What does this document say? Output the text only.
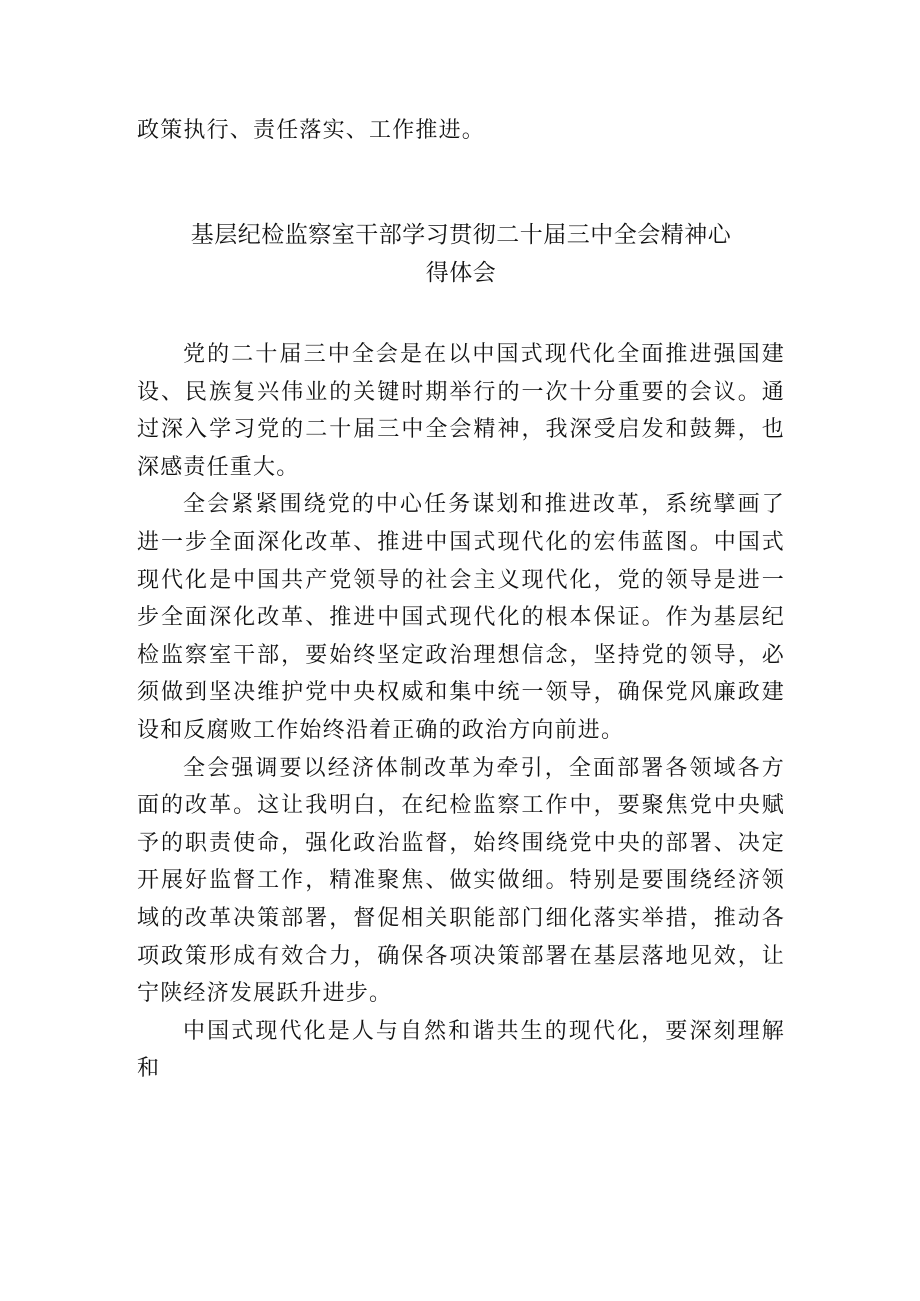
政策执行、责任落实、工作推进。
基层纪检监察室干部学习贯彻二十届三中全会精神心
得体会

党的二十届三中全会是在以中国式现代化全面推进强国建设、民族复兴伟业的关键时期举行的一次十分重要的会议。通过深入学习党的二十届三中全会精神，我深受启发和鼓舞，也深感责任重大。

全会紧紧围绕党的中心任务谋划和推进改革，系统擘画了进一步全面深化改革、推进中国式现代化的宏伟蓝图。中国式现代化是中国共产党领导的社会主义现代化，党的领导是进一步全面深化改革、推进中国式现代化的根本保证。作为基层纪检监察室干部，要始终坚定政治理想信念，坚持党的领导，必须做到坚决维护党中央权威和集中统一领导，确保党风廉政建设和反腐败工作始终沿着正确的政治方向前进。

全会强调要以经济体制改革为牵引，全面部署各领域各方面的改革。这让我明白，在纪检监察工作中，要聚焦党中央赋予的职责使命，强化政治监督，始终围绕党中央的部署、决定开展好监督工作，精准聚焦、做实做细。特别是要围绕经济领域的改革决策部署，督促相关职能部门细化落实举措，推动各项政策形成有效合力，确保各项决策部署在基层落地见效，让宁陕经济发展跃升进步。

中国式现代化是人与自然和谐共生的现代化，要深刻理解和
